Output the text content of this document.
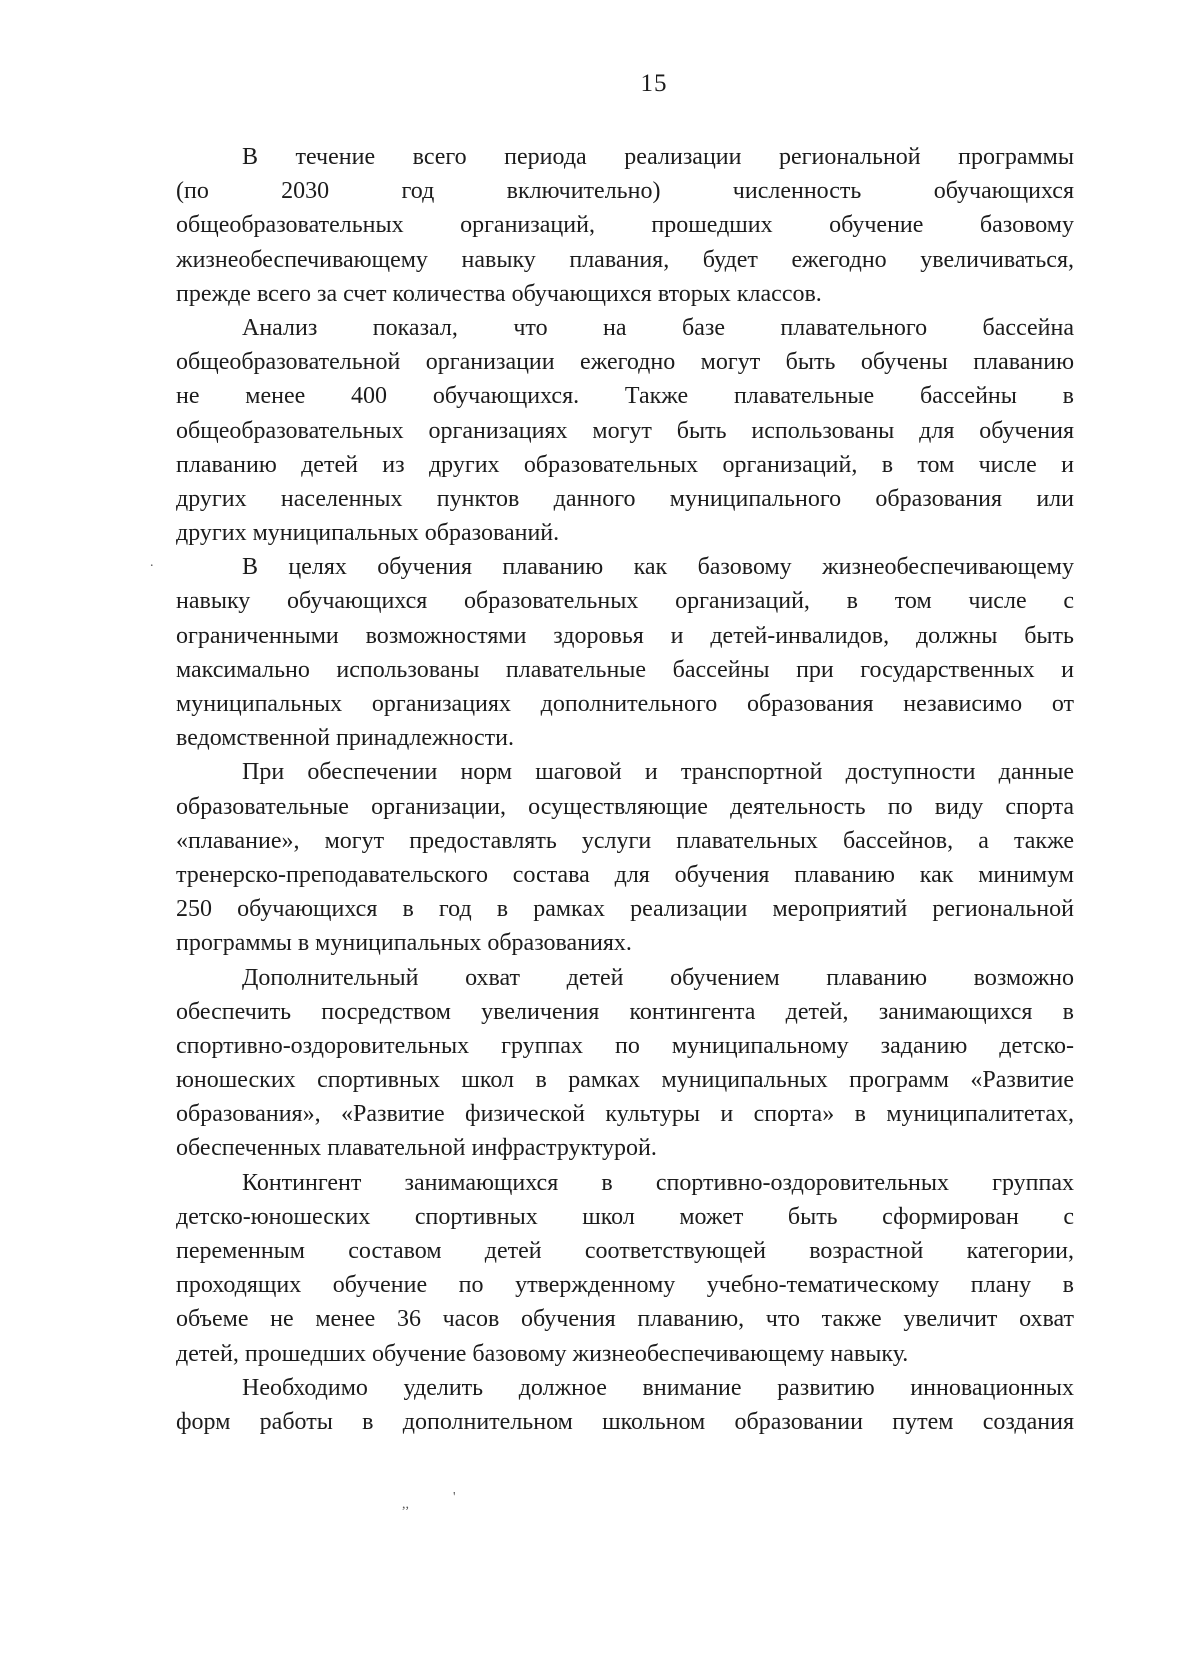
15
В течение всего периода реализации региональной программы
(по 2030 год включительно) численность обучающихся
общеобразовательных организаций, прошедших обучение базовому
жизнеобеспечивающему навыку плавания, будет ежегодно увеличиваться,
прежде всего за счет количества обучающихся вторых классов.
Анализ показал, что на базе плавательного бассейна
общеобразовательной организации ежегодно могут быть обучены плаванию
не менее 400 обучающихся. Также плавательные бассейны в
общеобразовательных организациях могут быть использованы для обучения
плаванию детей из других образовательных организаций, в том числе и
других населенных пунктов данного муниципального образования или
других муниципальных образований.
В целях обучения плаванию как базовому жизнеобеспечивающему
навыку обучающихся образовательных организаций, в том числе с
ограниченными возможностями здоровья и детей-инвалидов, должны быть
максимально использованы плавательные бассейны при государственных и
муниципальных организациях дополнительного образования независимо от
ведомственной принадлежности.
При обеспечении норм шаговой и транспортной доступности данные
образовательные организации, осуществляющие деятельность по виду спорта
«плавание», могут предоставлять услуги плавательных бассейнов, а также
тренерско-преподавательского состава для обучения плаванию как минимум
250 обучающихся в год в рамках реализации мероприятий региональной
программы в муниципальных образованиях.
Дополнительный охват детей обучением плаванию возможно
обеспечить посредством увеличения контингента детей, занимающихся в
спортивно-оздоровительных группах по муниципальному заданию детско-
юношеских спортивных школ в рамках муниципальных программ «Развитие
образования», «Развитие физической культуры и спорта» в муниципалитетах,
обеспеченных плавательной инфраструктурой.
Контингент занимающихся в спортивно-оздоровительных группах
детско-юношеских спортивных школ может быть сформирован с
переменным составом детей соответствующей возрастной категории,
проходящих обучение по утвержденному учебно-тематическому плану в
объеме не менее 36 часов обучения плаванию, что также увеличит охват
детей, прошедших обучение базовому жизнеобеспечивающему навыку.
Необходимо уделить должное внимание развитию инновационных
форм работы в дополнительном школьном образовании путем создания
.
,,	'
